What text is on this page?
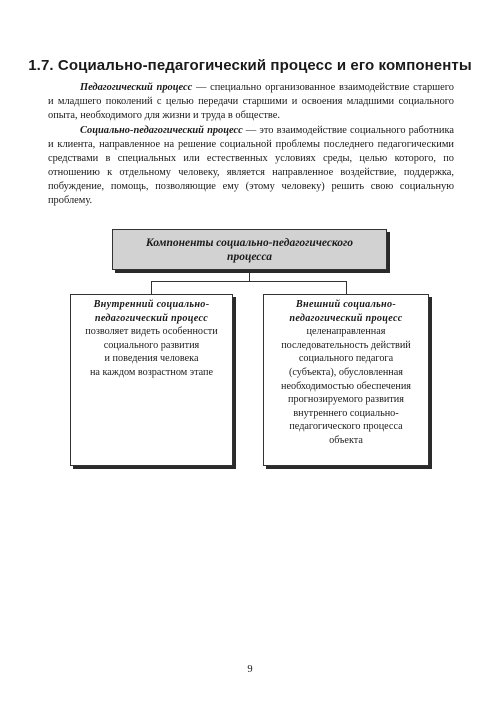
1.7. Социально-педагогический процесс и его компоненты
Педагогический процесс — специально организованное взаимодействие старшего и младшего поколений с целью передачи старшими и освоения младшими социального опыта, необходимого для жизни и труда в обществе.
Социально-педагогический процесс — это взаимодействие социального работника и клиента, направленное на решение социальной проблемы последнего педагогическими средствами в специальных или естественных условиях среды, целью которого, по отношению к отдельному человеку, является направленное воздействие, поддержка, побуждение, помощь, позволяющие ему (этому человеку) решить свою социальную проблему.
Компоненты социально-педагогического процесса
Внутренний социально-
педагогический процесс
позволяет видеть особенности
социального развития
и поведения человека
на каждом возрастном этапе
Внешний социально-
педагогический процесс
целенаправленная
последовательность действий
социального педагога
(субъекта), обусловленная
необходимостью обеспечения
прогнозируемого развития
внутреннего социально-
педагогического процесса
объекта
9
